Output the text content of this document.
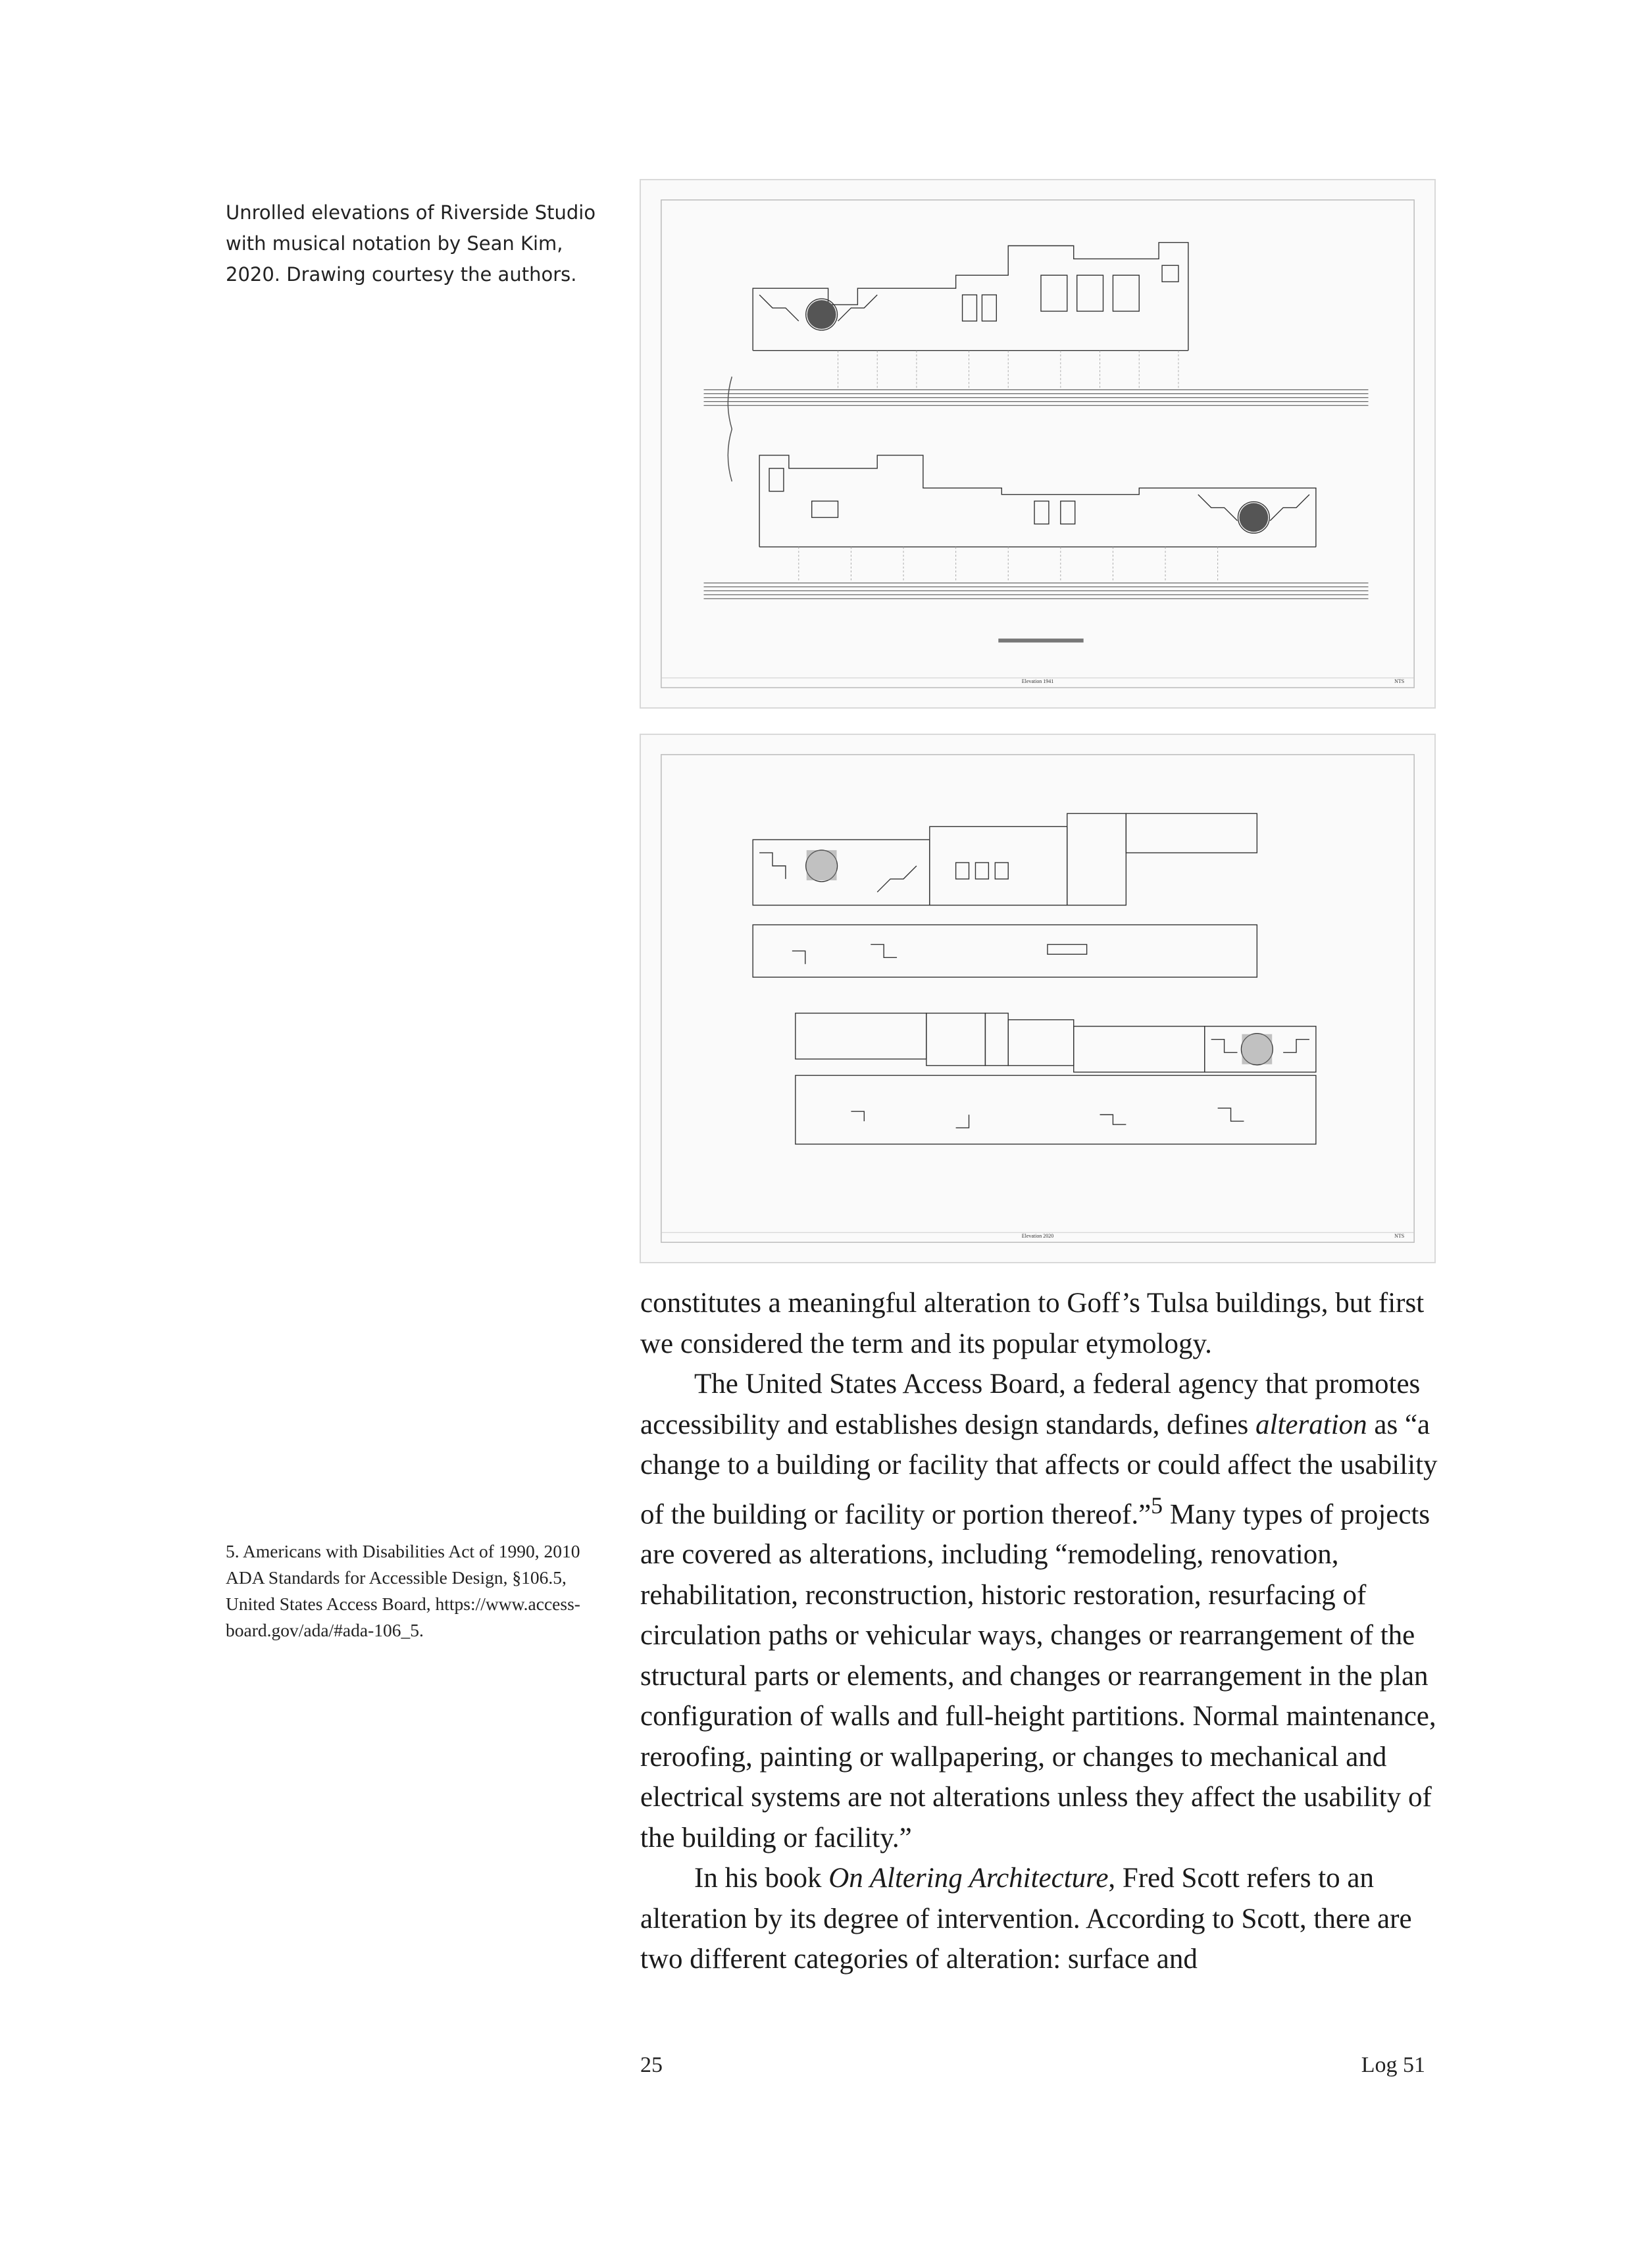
Unrolled elevations of Riverside Studio with musical notation by Sean Kim, 2020. Drawing courtesy the authors.
Elevation 1941	NTS
Elevation 2020	NTS
5. Americans with Disabilities Act of 1990, 2010 ADA Standards for Accessible Design, §106.5, United States Access Board, https://www.access-board.gov/ada/#ada-106_5.

constitutes a meaningful alteration to Goff’s Tulsa buildings, but first we considered the term and its popular etymology.

The United States Access Board, a federal agency that promotes accessibility and establishes design standards, defines alteration as “a change to a building or facility that affects or could affect the usability of the building or facility or portion thereof.”$^5$ Many types of projects are covered as alterations, including “remodeling, renovation, rehabilitation, reconstruction, historic restoration, resurfacing of circulation paths or vehicular ways, changes or rearrangement of the structural parts or elements, and changes or rearrangement in the plan configuration of walls and full-height partitions. Normal maintenance, reroofing, painting or wallpapering, or changes to mechanical and electrical systems are not alterations unless they affect the usability of the building or facility.”

In his book On Altering Architecture, Fred Scott refers to an alteration by its degree of intervention. According to Scott, there are two different categories of alteration: surface and

25	Log 51
